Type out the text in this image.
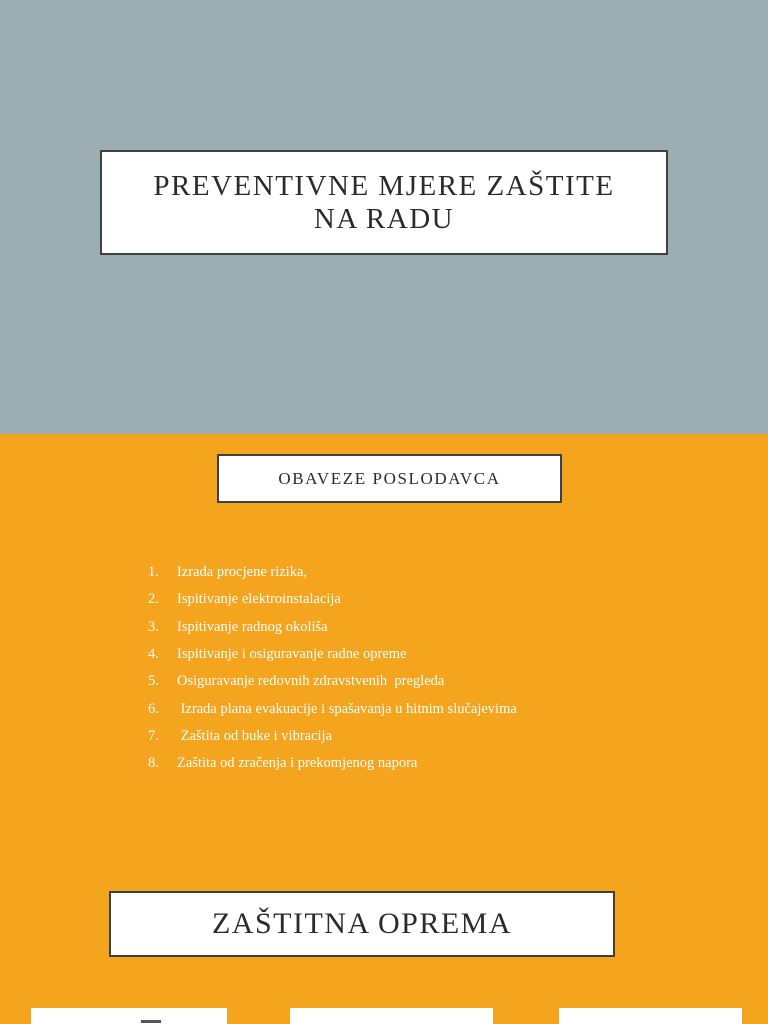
PREVENTIVNE MJERE ZAŠTITE NA RADU
OBAVEZE POSLODAVCA
1.	Izrada procjene rizika,
2.	Ispitivanje elektroinstalacija
3.	Ispitivanje radnog okoliša
4.	Ispitivanje i osiguravanje radne opreme
5.	Osiguravanje redovnih zdravstvenih  pregleda
6.	Izrada plana evakuacije i spašavanja u hitnim slučajevima
7.	Zaštita od buke i vibracija
8.	Zaštita od zračenja i prekomjenog napora
ZAŠTITNA OPREMA
